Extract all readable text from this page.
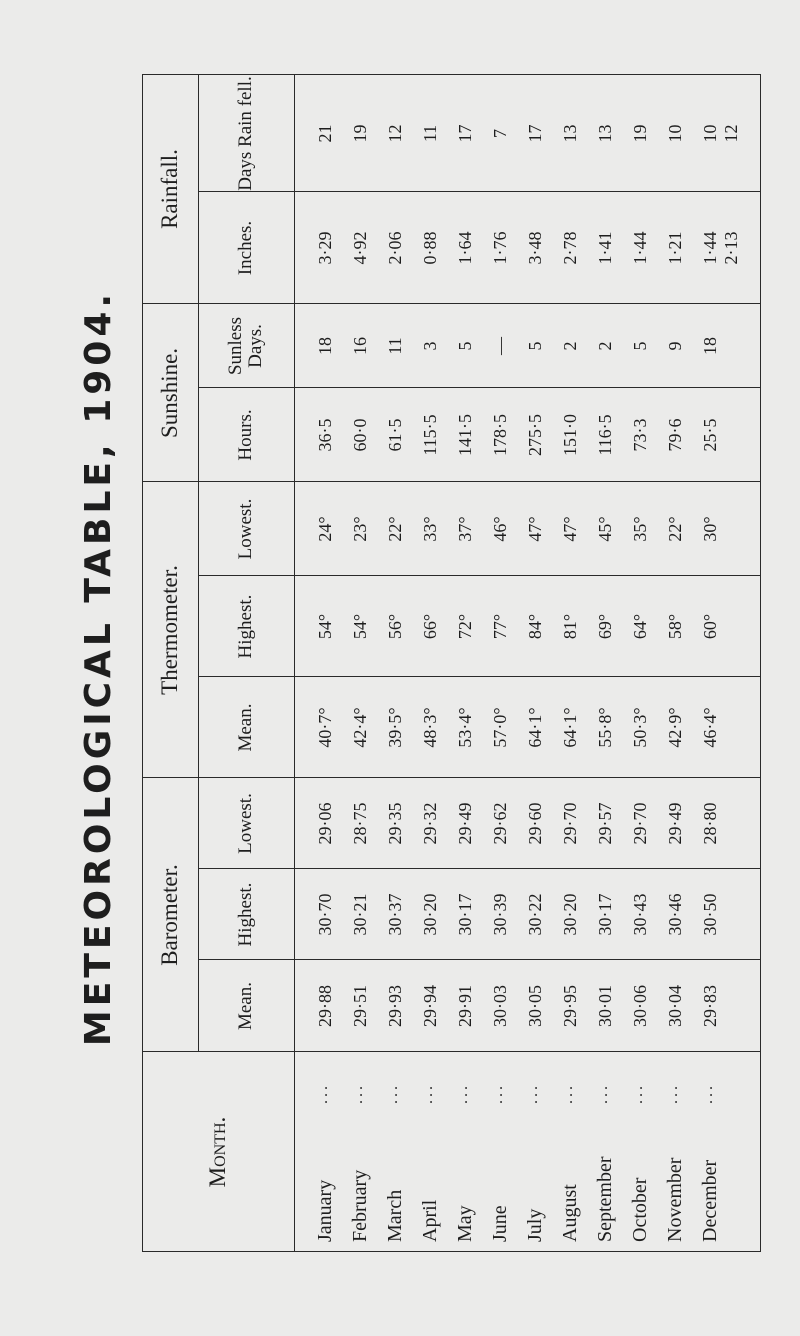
METEOROLOGICAL TABLE, 1904.
Month.
Barometer.
Thermometer.
Sunshine.
Rainfall.
Mean.
Highest.
Lowest.
Mean.
Highest.
Lowest.
Hours.
Sunless Days.
Inches.
Days Rain fell.
January
...
29·88
30·70
29·06
40·7°
54°
24°
36·5
18
3·29
21
February
...
29·51
30·21
28·75
42·4°
54°
23°
60·0
16
4·92
19
March
...
29·93
30·37
29·35
39·5°
56°
22°
61·5
11
2·06
12
April
...
29·94
30·20
29·32
48·3°
66°
33°
115·5
3
0·88
11
May
...
29·91
30·17
29·49
53·4°
72°
37°
141·5
5
1·64
17
June
...
30·03
30·39
29·62
57·0°
77°
46°
178·5
—
1·76
7
July
...
30·05
30·22
29·60
64·1°
84°
47°
275·5
5
3·48
17
August
...
29·95
30·20
29·70
64·1°
81°
47°
151·0
2
2·78
13
September
...
30·01
30·17
29·57
55·8°
69°
45°
116·5
2
1·41
13
October
...
30·06
30·43
29·70
50·3°
64°
35°
73·3
5
1·44
19
November
...
30·04
30·46
29·49
42·9°
58°
22°
79·6
9
1·21
10
December
...
29·83
30·50
28·80
46·4°
60°
30°
25·5
18
1·44
10
2·13
12
